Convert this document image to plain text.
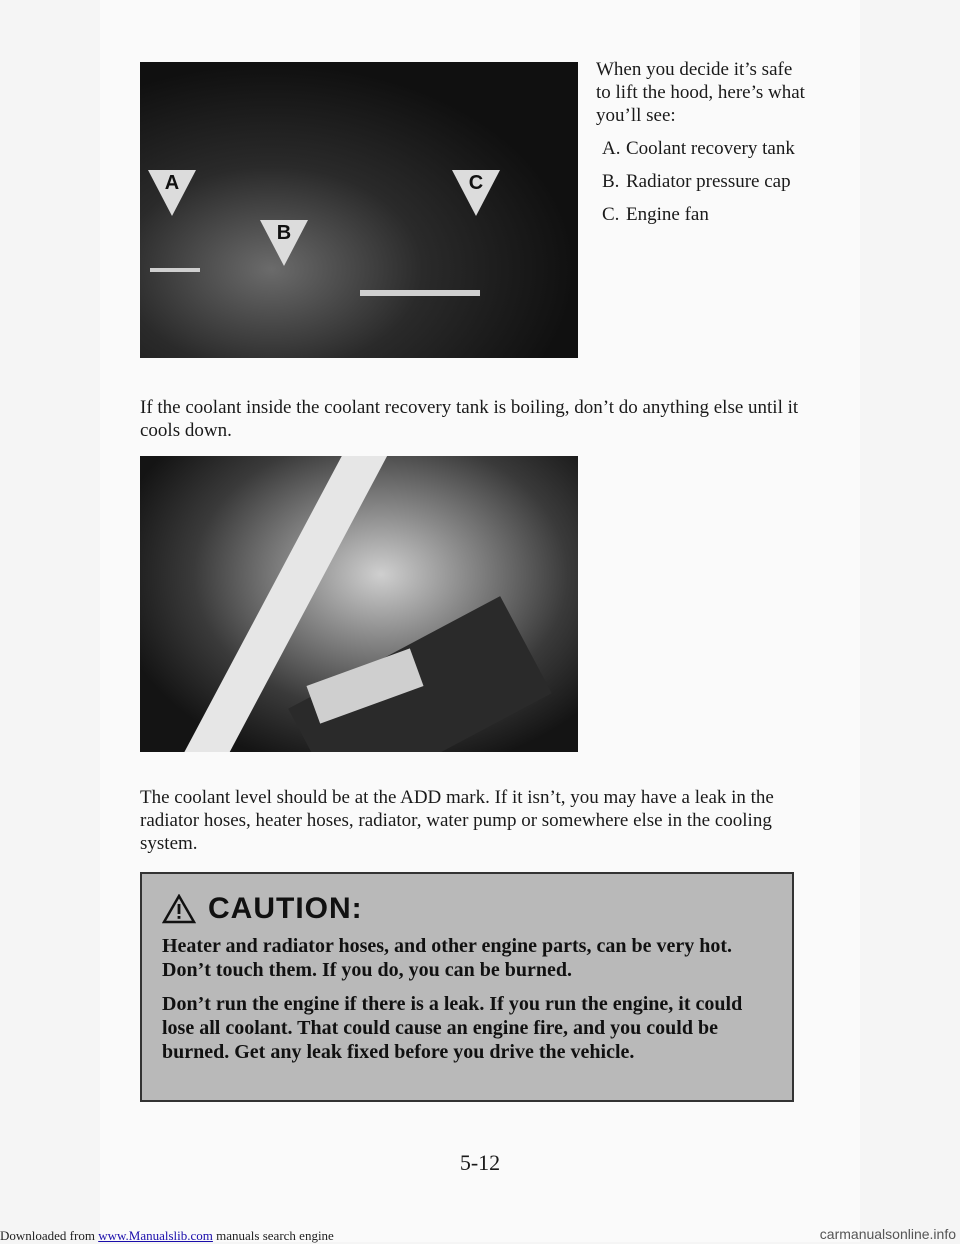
A
B
C

When you decide it’s safe to lift the hood, here’s what you’ll see:

A. Coolant recovery tank
B. Radiator pressure cap
C. Engine fan

If the coolant inside the coolant recovery tank is boiling, don’t do anything else until it cools down.

The coolant level should be at the ADD mark. If it isn’t, you may have a leak in the radiator hoses, heater hoses, radiator, water pump or somewhere else in the cooling system.

CAUTION:

Heater and radiator hoses, and other engine parts, can be very hot. Don’t touch them. If you do, you can be burned.

Don’t run the engine if there is a leak. If you run the engine, it could lose all coolant. That could cause an engine fire, and you could be burned. Get any leak fixed before you drive the vehicle.

5-12
Downloaded from www.Manualslib.com manuals search engine	carmanualsonline.info
